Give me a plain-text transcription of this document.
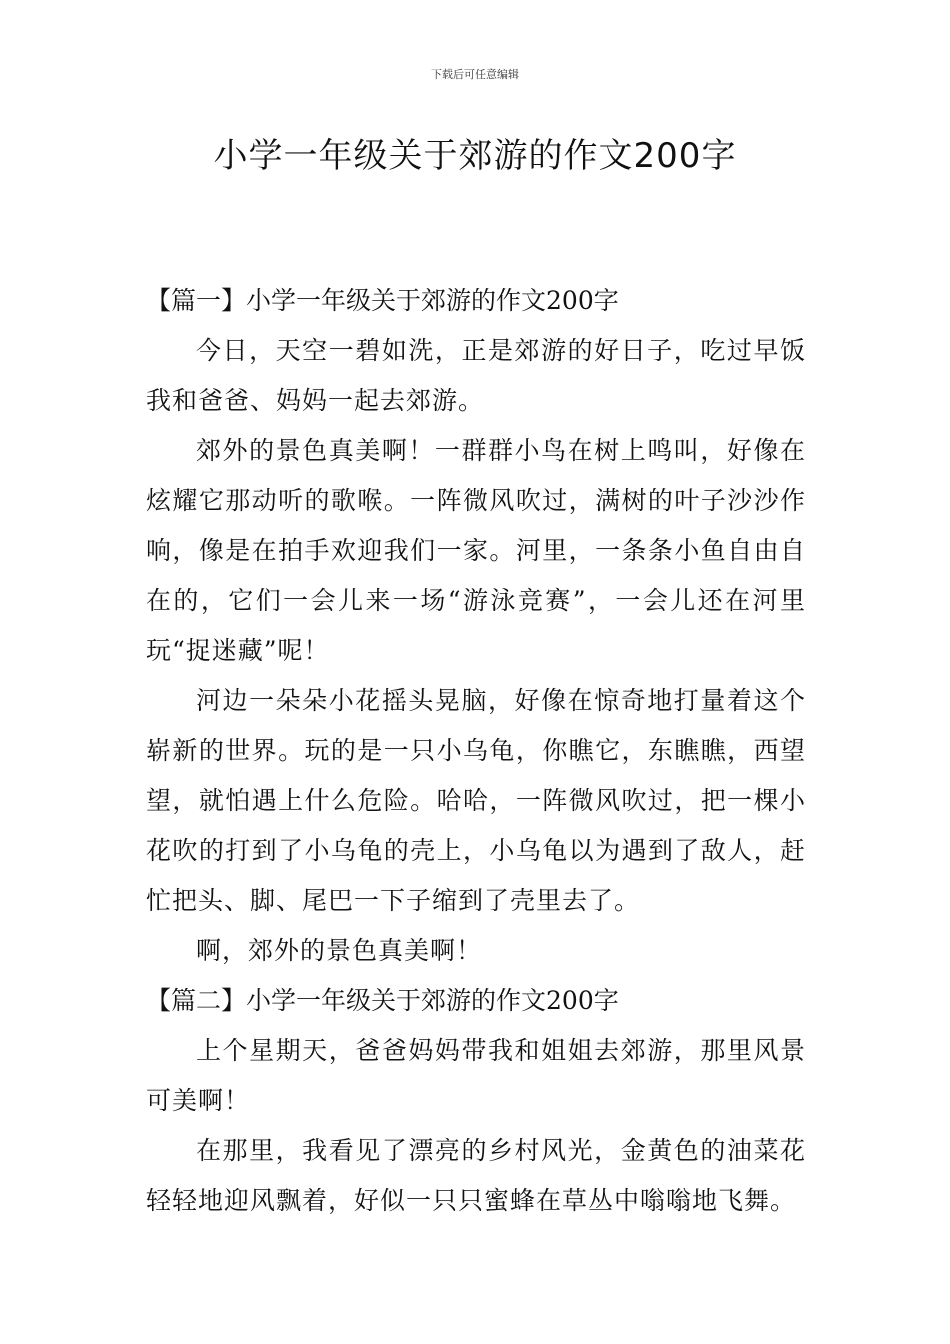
下载后可任意编辑
小学一年级关于郊游的作文200字

【篇一】小学一年级关于郊游的作文200字

今日，天空一碧如洗，正是郊游的好日子，吃过早饭我和爸爸、妈妈一起去郊游。

郊外的景色真美啊！一群群小鸟在树上鸣叫，好像在炫耀它那动听的歌喉。一阵微风吹过，满树的叶子沙沙作响，像是在拍手欢迎我们一家。河里，一条条小鱼自由自在的，它们一会儿来一场“游泳竞赛”，一会儿还在河里玩“捉迷藏”呢！

河边一朵朵小花摇头晃脑，好像在惊奇地打量着这个崭新的世界。玩的是一只小乌龟，你瞧它，东瞧瞧，西望望，就怕遇上什么危险。哈哈，一阵微风吹过，把一棵小花吹的打到了小乌龟的壳上，小乌龟以为遇到了敌人，赶忙把头、脚、尾巴一下子缩到了壳里去了。

啊，郊外的景色真美啊！

【篇二】小学一年级关于郊游的作文200字

上个星期天，爸爸妈妈带我和姐姐去郊游，那里风景可美啊！

在那里，我看见了漂亮的乡村风光，金黄色的油菜花轻轻地迎风飘着，好似一只只蜜蜂在草丛中嗡嗡地飞舞。
